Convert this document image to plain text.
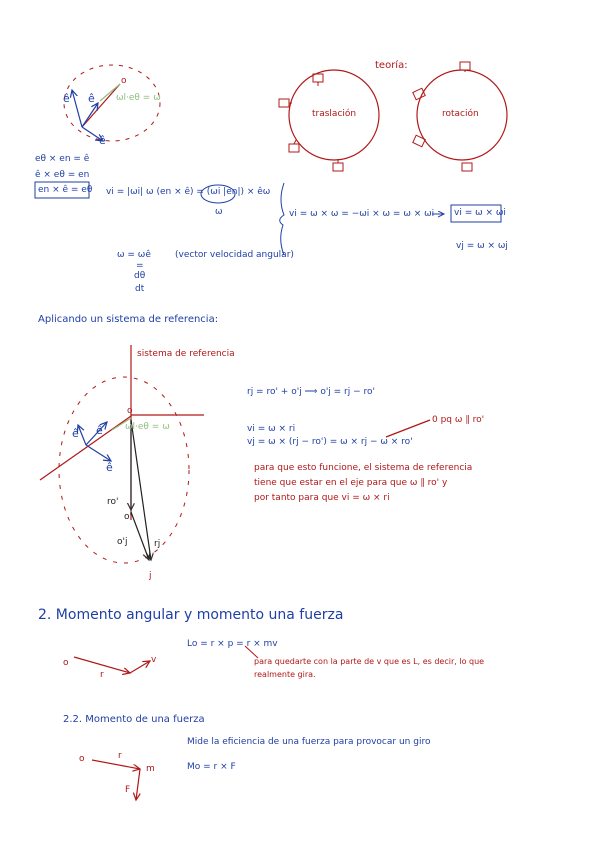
o
ê ê
ê
ωl·eθ = ω
teoría:
traslación	rotación
eθ × en = ê
ê × eθ = en
en × ê = eθ vi = |ωi| ω (en × ê) = (ωi |en|) × êω
ω	vi = ω × ω = −ωi × ω = ω × ωi vi = ω × ωi
vj = ω × ωj
ω = ωê	(vector velocidad angular)
=
dθ
dt
Aplicando un sistema de referencia:
sistema de referencia
o
ê ê
ê
ωl·eθ = ω
ro'
o'
o'j	rj
j
rj = ro' + o'j ⟹ o'j = rj − ro'
vi = ω × ri
vj = ω × (rj − ro') = ω × rj − ω × ro'
0 pq ω ∥ ro'
para que esto funcione, el sistema de referencia
tiene que estar en el eje para que ω ∥ ro' y
por tanto para que vi = ω × ri
2. Momento angular y momento una fuerza
Lo = r × p = r × mv
para quedarte con la parte de v que es L, es decir, lo que
realmente gira.
o
r
v
2.2. Momento de una fuerza
Mide la eficiencia de una fuerza para provocar un giro
Mo = r × F
o	r
m
F
